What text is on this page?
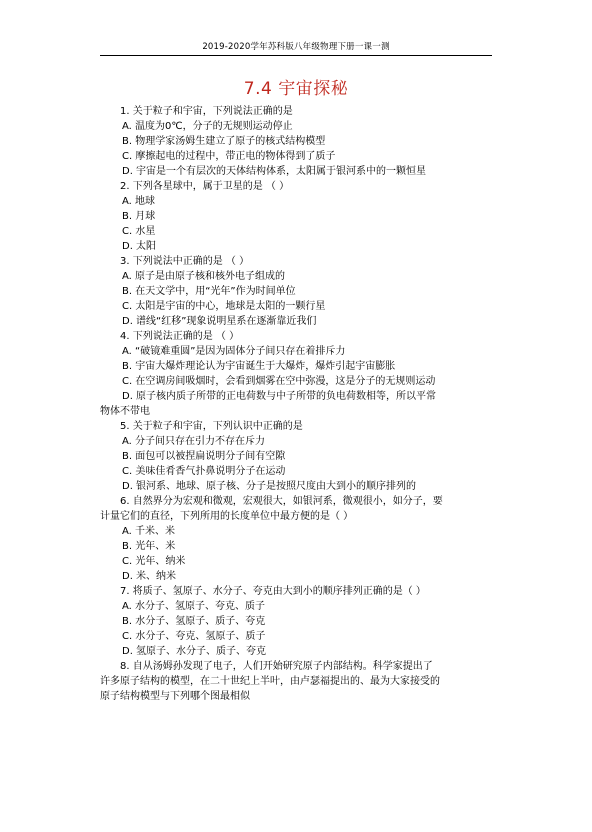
2019-2020学年苏科版八年级物理下册一课一测
7.4 宇宙探秘
1. 关于粒子和宇宙，下列说法正确的是
A. 温度为0℃，分子的无规则运动停止
B. 物理学家汤姆生建立了原子的核式结构模型
C. 摩擦起电的过程中，带正电的物体得到了质子
D. 宇宙是一个有层次的天体结构体系，太阳属于银河系中的一颗恒星
2. 下列各星球中，属于卫星的是 （ ）
A. 地球
B. 月球
C. 水星
D. 太阳
3. 下列说法中正确的是 （ ）
A. 原子是由原子核和核外电子组成的
B. 在天文学中，用“光年”作为时间单位
C. 太阳是宇宙的中心，地球是太阳的一颗行星
D. 谱线“红移”现象说明星系在逐渐靠近我们
4. 下列说法正确的是 （ ）
A. “破镜难重圆”是因为固体分子间只存在着排斥力
B. 宇宙大爆炸理论认为宇宙诞生于大爆炸，爆炸引起宇宙膨胀
C. 在空调房间吸烟时，会看到烟雾在空中弥漫，这是分子的无规则运动
D. 原子核内质子所带的正电荷数与中子所带的负电荷数相等，所以平常
物体不带电
5. 关于粒子和宇宙，下列认识中正确的是
A. 分子间只存在引力不存在斥力
B. 面包可以被捏扁说明分子间有空隙
C. 美味佳肴香气扑鼻说明分子在运动
D. 银河系、地球、原子核、分子是按照尺度由大到小的顺序排列的
6. 自然界分为宏观和微观，宏观很大，如银河系，微观很小，如分子，要
计量它们的直径，下列所用的长度单位中最方便的是（ ）
A. 千米、米
B. 光年、米
C. 光年、纳米
D. 米、纳米
7. 将质子、氢原子、水分子、夸克由大到小的顺序排列正确的是（ ）
A. 水分子、氢原子、夸克、质子
B. 水分子、氢原子、质子、夸克
C. 水分子、夸克、氢原子、质子
D. 氢原子、水分子、质子、夸克
8. 自从汤姆孙发现了电子，人们开始研究原子内部结构。科学家提出了
许多原子结构的模型，在二十世纪上半叶，由卢瑟福提出的、最为大家接受的
原子结构模型与下列哪个图最相似
